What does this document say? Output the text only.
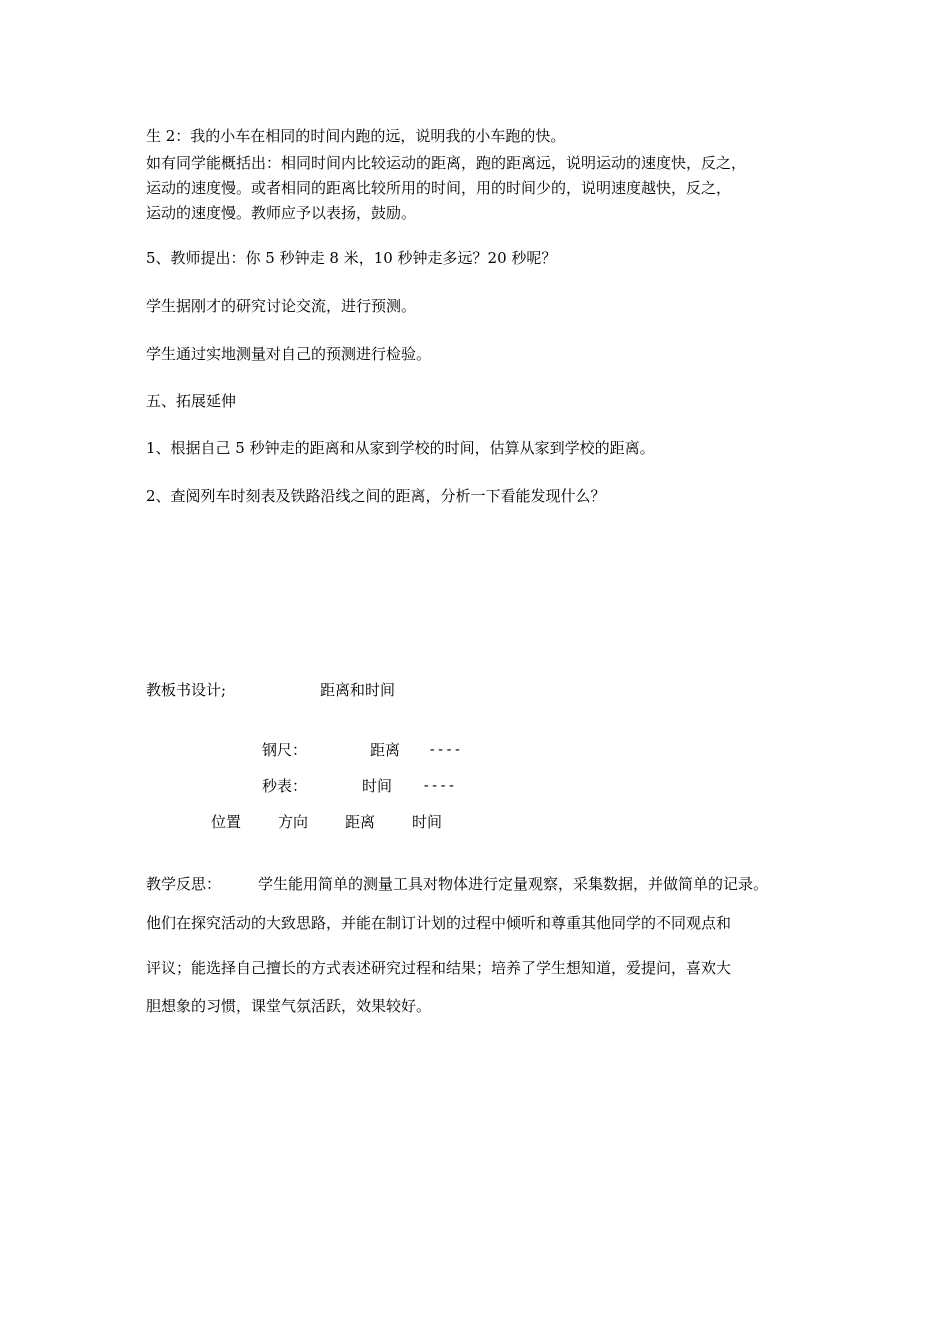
生 2：我的小车在相同的时间内跑的远，说明我的小车跑的快。
如有同学能概括出：相同时间内比较运动的距离，跑的距离远，说明运动的速度快，反之，
运动的速度慢。或者相同的距离比较所用的时间，用的时间少的，说明速度越快，反之，
运动的速度慢。教师应予以表扬，鼓励。
5、教师提出：你 5 秒钟走 8 米，10 秒钟走多远？20 秒呢？
学生据刚才的研究讨论交流，进行预测。
学生通过实地测量对自己的预测进行检验。
五、拓展延伸
1、根据自己 5 秒钟走的距离和从家到学校的时间，估算从家到学校的距离。
2、查阅列车时刻表及铁路沿线之间的距离，分析一下看能发现什么？
教板书设计;	距离和时间
钢尺：	距离 ----
秒表：	时间 ----
位置 方向 距离 时间
教学反思： 学生能用简单的测量工具对物体进行定量观察，采集数据，并做简单的记录。
他们在探究活动的大致思路，并能在制订计划的过程中倾听和尊重其他同学的不同观点和
评议；能选择自己擅长的方式表述研究过程和结果；培养了学生想知道，爱提问，喜欢大
胆想象的习惯，课堂气氛活跃，效果较好。
